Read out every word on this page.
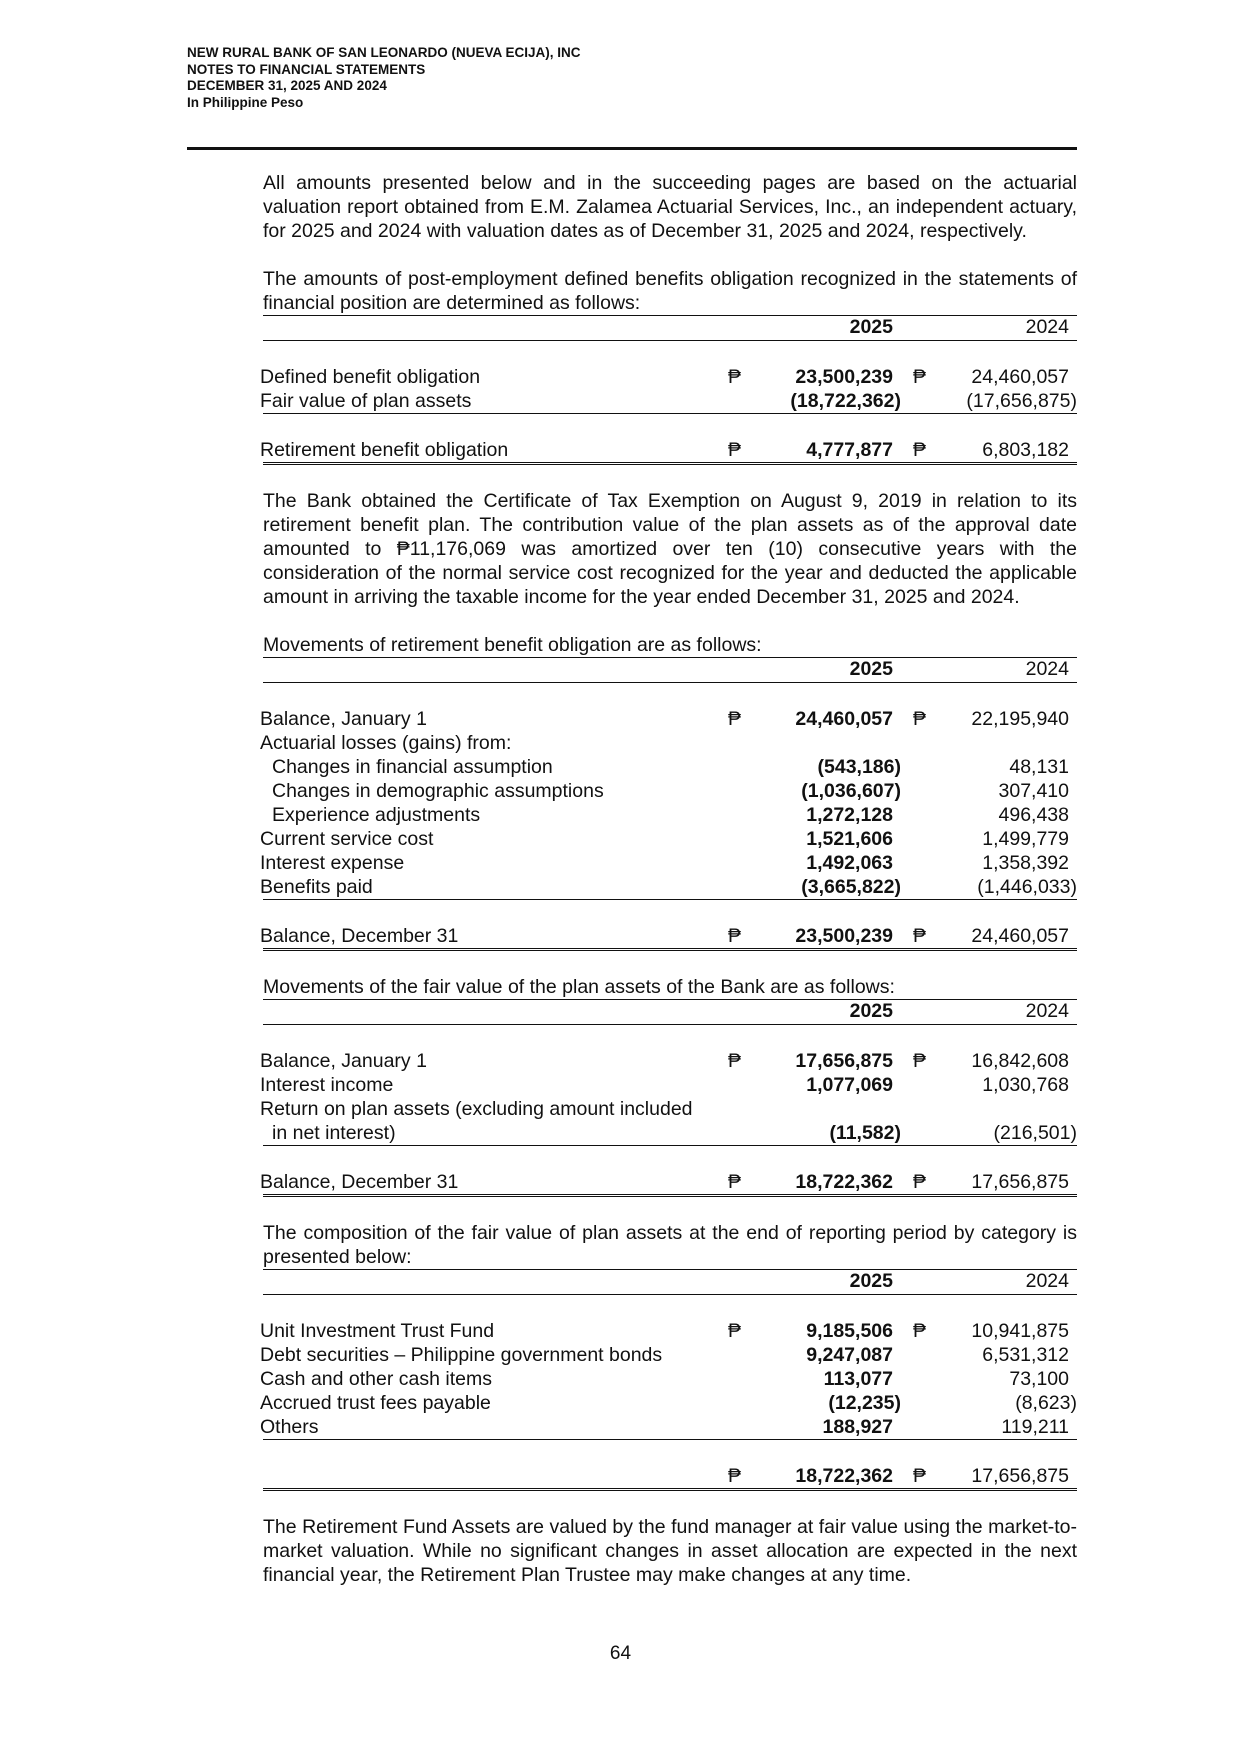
NEW RURAL BANK OF SAN LEONARDO (NUEVA ECIJA), INC
NOTES TO FINANCIAL STATEMENTS
DECEMBER 31, 2025 AND 2024
In Philippine Peso

All amounts presented below and in the succeeding pages are based on the actuarial valuation report obtained from E.M. Zalamea Actuarial Services, Inc., an independent actuary, for 2025 and 2024 with valuation dates as of December 31, 2025 and 2024, respectively.

The amounts of post-employment defined benefits obligation recognized in the statements of financial position are determined as follows:

2025	2024
Defined benefit obligation	₱	23,500,239 ₱ 24,460,057
Fair value of plan assets	(18,722,362)	(17,656,875)
Retirement benefit obligation	₱	4,777,877 ₱	6,803,182

The Bank obtained the Certificate of Tax Exemption on August 9, 2019 in relation to its retirement benefit plan. The contribution value of the plan assets as of the approval date amounted to ₱11,176,069 was amortized over ten (10) consecutive years with the consideration of the normal service cost recognized for the year and deducted the applicable amount in arriving the taxable income for the year ended December 31, 2025 and 2024.

Movements of retirement benefit obligation are as follows:

2025	2024
Balance, January 1	₱	24,460,057 ₱ 22,195,940
Actuarial losses (gains) from:
Changes in financial assumption	(543,186)	48,131
Changes in demographic assumptions	(1,036,607)	307,410
Experience adjustments	1,272,128	496,438
Current service cost	1,521,606	1,499,779
Interest expense	1,492,063	1,358,392
Benefits paid	(3,665,822)	(1,446,033)
Balance, December 31	₱	23,500,239 ₱ 24,460,057

Movements of the fair value of the plan assets of the Bank are as follows:

2025	2024
Balance, January 1	₱	17,656,875 ₱ 16,842,608
Interest income	1,077,069	1,030,768
Return on plan assets (excluding amount included
in net interest)	(11,582)	(216,501)
Balance, December 31	₱	18,722,362 ₱ 17,656,875

The composition of the fair value of plan assets at the end of reporting period by category is presented below:

2025	2024
Unit Investment Trust Fund	₱	9,185,506 ₱ 10,941,875
Debt securities – Philippine government bonds	9,247,087	6,531,312
Cash and other cash items	113,077	73,100
Accrued trust fees payable	(12,235)	(8,623)
Others	188,927	119,211
₱	18,722,362 ₱ 17,656,875

The Retirement Fund Assets are valued by the fund manager at fair value using the market-to-market valuation. While no significant changes in asset allocation are expected in the next financial year, the Retirement Plan Trustee may make changes at any time.

64
